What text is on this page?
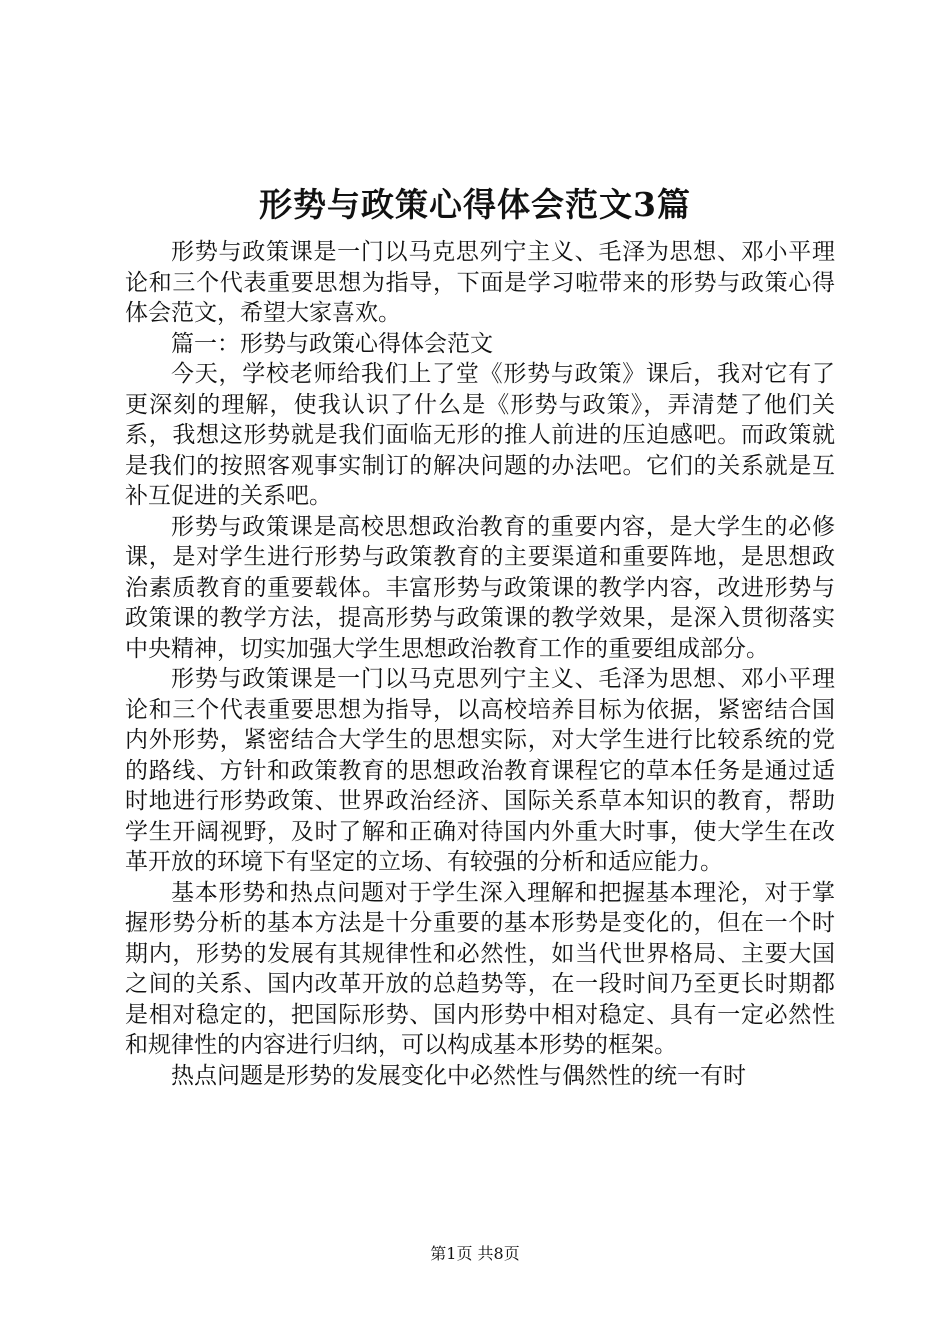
形势与政策心得体会范文3篇

形势与政策课是一门以马克思列宁主义、毛泽为思想、邓小平理论和三个代表重要思想为指导，下面是学习啦带来的形势与政策心得体会范文，希望大家喜欢。

篇一：形势与政策心得体会范文

今天，学校老师给我们上了堂《形势与政策》课后，我对它有了更深刻的理解，使我认识了什么是《形势与政策》，弄清楚了他们关系，我想这形势就是我们面临无形的推人前进的压迫感吧。而政策就是我们的按照客观事实制订的解决问题的办法吧。它们的关系就是互补互促进的关系吧。

形势与政策课是高校思想政治教育的重要内容，是大学生的必修课，是对学生进行形势与政策教育的主要渠道和重要阵地，是思想政治素质教育的重要载体。丰富形势与政策课的教学内容，改进形势与政策课的教学方法，提高形势与政策课的教学效果，是深入贯彻落实中央精神，切实加强大学生思想政治教育工作的重要组成部分。

形势与政策课是一门以马克思列宁主义、毛泽为思想、邓小平理论和三个代表重要思想为指导，以高校培养目标为依据，紧密结合国内外形势，紧密结合大学生的思想实际，对大学生进行比较系统的党的路线、方针和政策教育的思想政治教育课程它的草本任务是通过适时地进行形势政策、世界政治经济、国际关系草本知识的教育，帮助学生开阔视野，及时了解和正确对待国内外重大时事，使大学生在改革开放的环境下有坚定的立场、有较强的分析和适应能力。

基本形势和热点问题对于学生深入理解和把握基本理沦，对于掌握形势分析的基本方法是十分重要的基本形势是变化的，但在一个时期内，形势的发展有其规律性和必然性，如当代世界格局、主要大国之间的关系、国内改革开放的总趋势等，在一段时间乃至更长时期都是相对稳定的，把国际形势、国内形势中相对稳定、具有一定必然性和规律性的内容进行归纳，可以构成基本形势的框架。

热点问题是形势的发展变化中必然性与偶然性的统一有时

第1页 共8页
